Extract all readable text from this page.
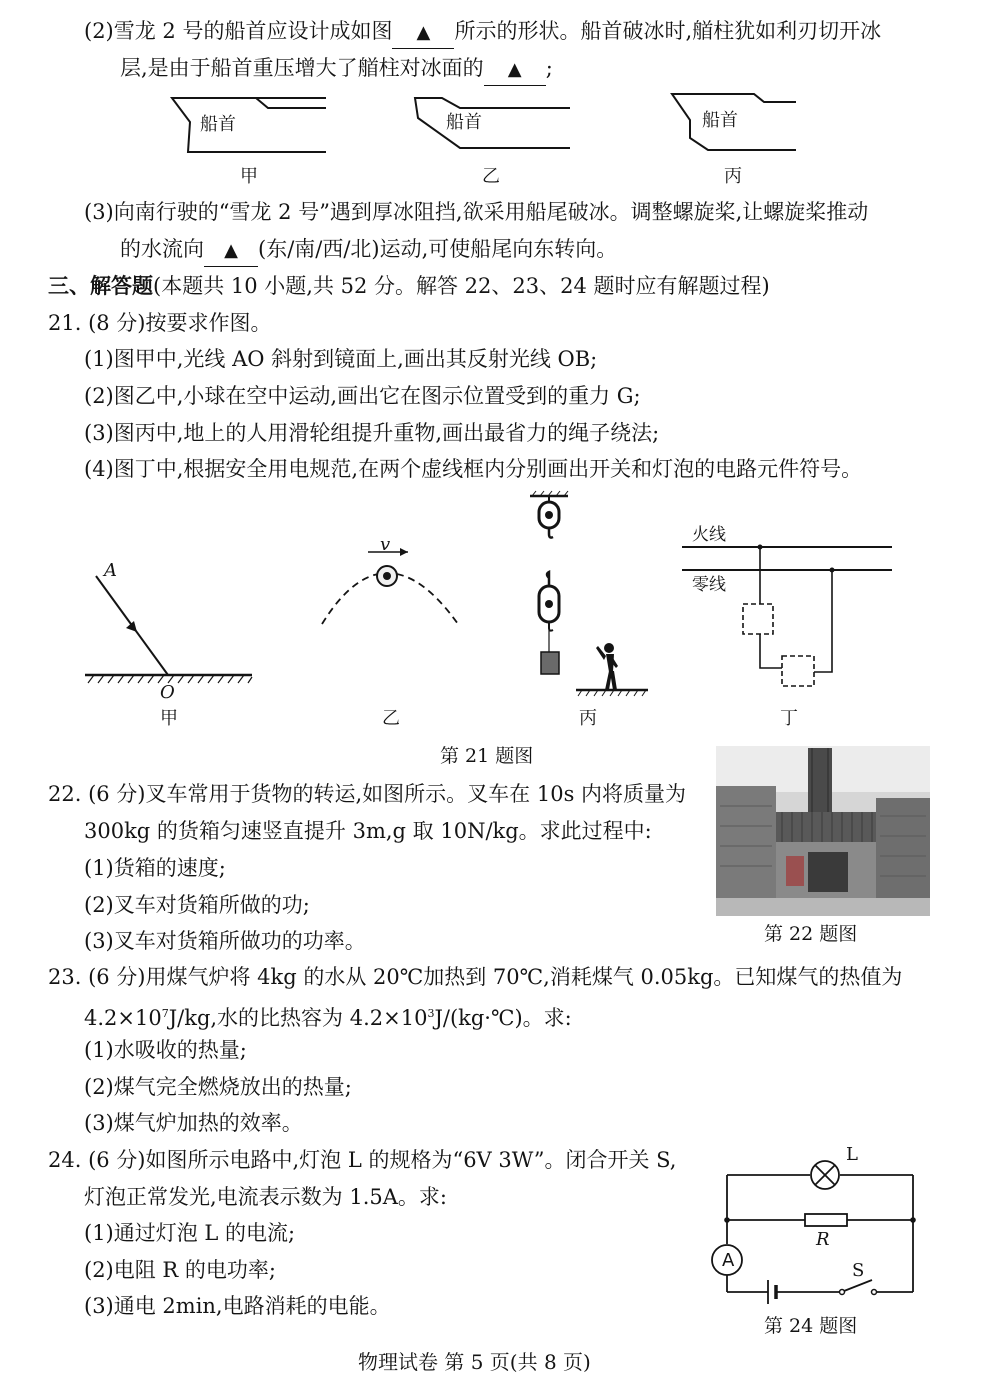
(2)雪龙 2 号的船首应设计成如图 ▲ 所示的形状。船首破冰时,艏柱犹如利刃切开冰
层,是由于船首重压增大了艏柱对冰面的 ▲ ;
船首	船首	船首
甲	乙	丙
(3)向南行驶的“雪龙 2 号”遇到厚冰阻挡,欲采用船尾破冰。调整螺旋桨,让螺旋桨推动
的水流向 ▲ (东/南/西/北)运动,可使船尾向东转向。
三、解答题(本题共 10 小题,共 52 分。解答 22、23、24 题时应有解题过程)
21. (8 分)按要求作图。
(1)图甲中,光线 AO 斜射到镜面上,画出其反射光线 OB;
(2)图乙中,小球在空中运动,画出它在图示位置受到的重力 G;
(3)图丙中,地上的人用滑轮组提升重物,画出最省力的绳子绕法;
(4)图丁中,根据安全用电规范,在两个虚线框内分别画出开关和灯泡的电路元件符号。
A
O
甲
v
乙	丙
火线
零线
丁
第 21 题图
22. (6 分)叉车常用于货物的转运,如图所示。叉车在 10s 内将质量为
300kg 的货箱匀速竖直提升 3m,g 取 10N/kg。求此过程中:
(1)货箱的速度;
(2)叉车对货箱所做的功;
(3)叉车对货箱所做功的功率。	第 22 题图
23. (6 分)用煤气炉将 4kg 的水从 20℃加热到 70℃,消耗煤气 0.05kg。已知煤气的热值为
$4.2\times 10^7J/kg$,水的比热容为 $4.2\times 10^3J/(kg\cdot℃)$。求:
(1)水吸收的热量;
(2)煤气完全燃烧放出的热量;
(3)煤气炉加热的效率。
24. (6 分)如图所示电路中,灯泡 L 的规格为“6V 3W”。闭合开关 S,
灯泡正常发光,电流表示数为 1.5A。求:
(1)通过灯泡 L 的电流;
(2)电阻 R 的电功率;
(3)通电 2min,电路消耗的电能。
L
R
A	S
第 24 题图
物理试卷 第 5 页(共 8 页)
